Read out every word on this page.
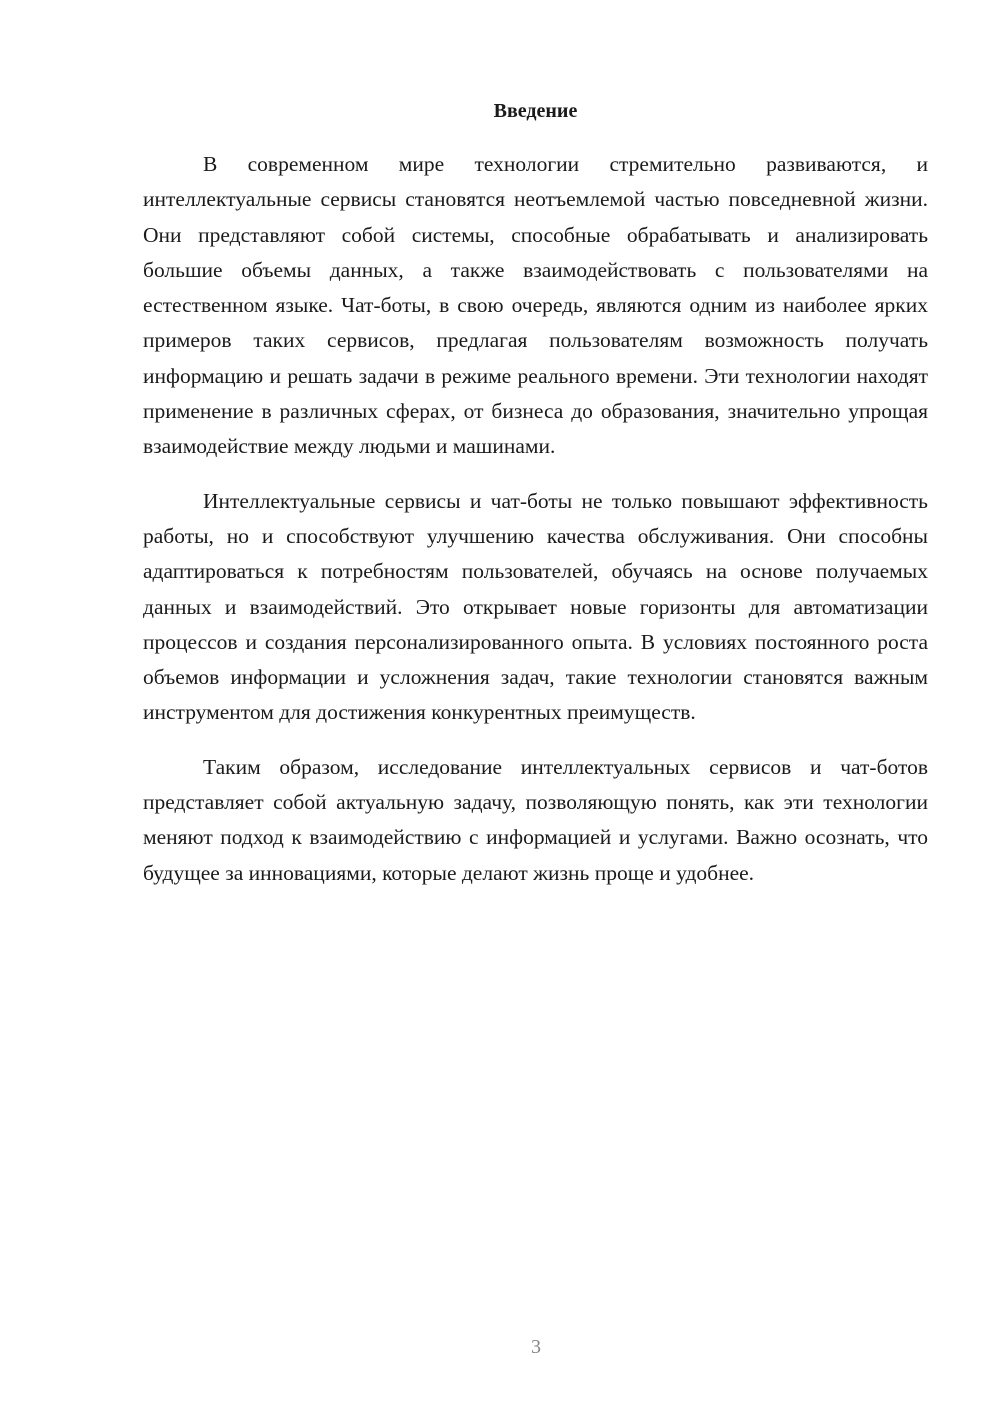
Введение

В современном мире технологии стремительно развиваются, и интеллектуальные сервисы становятся неотъемлемой частью повседневной жизни. Они представляют собой системы, способные обрабатывать и анализировать большие объемы данных, а также взаимодействовать с пользователями на естественном языке. Чат-боты, в свою очередь, являются одним из наиболее ярких примеров таких сервисов, предлагая пользователям возможность получать информацию и решать задачи в режиме реального времени. Эти технологии находят применение в различных сферах, от бизнеса до образования, значительно упрощая взаимодействие между людьми и машинами.

Интеллектуальные сервисы и чат-боты не только повышают эффективность работы, но и способствуют улучшению качества обслуживания. Они способны адаптироваться к потребностям пользователей, обучаясь на основе получаемых данных и взаимодействий. Это открывает новые горизонты для автоматизации процессов и создания персонализированного опыта. В условиях постоянного роста объемов информации и усложнения задач, такие технологии становятся важным инструментом для достижения конкурентных преимуществ.

Таким образом, исследование интеллектуальных сервисов и чат-ботов представляет собой актуальную задачу, позволяющую понять, как эти технологии меняют подход к взаимодействию с информацией и услугами. Важно осознать, что будущее за инновациями, которые делают жизнь проще и удобнее.

3
